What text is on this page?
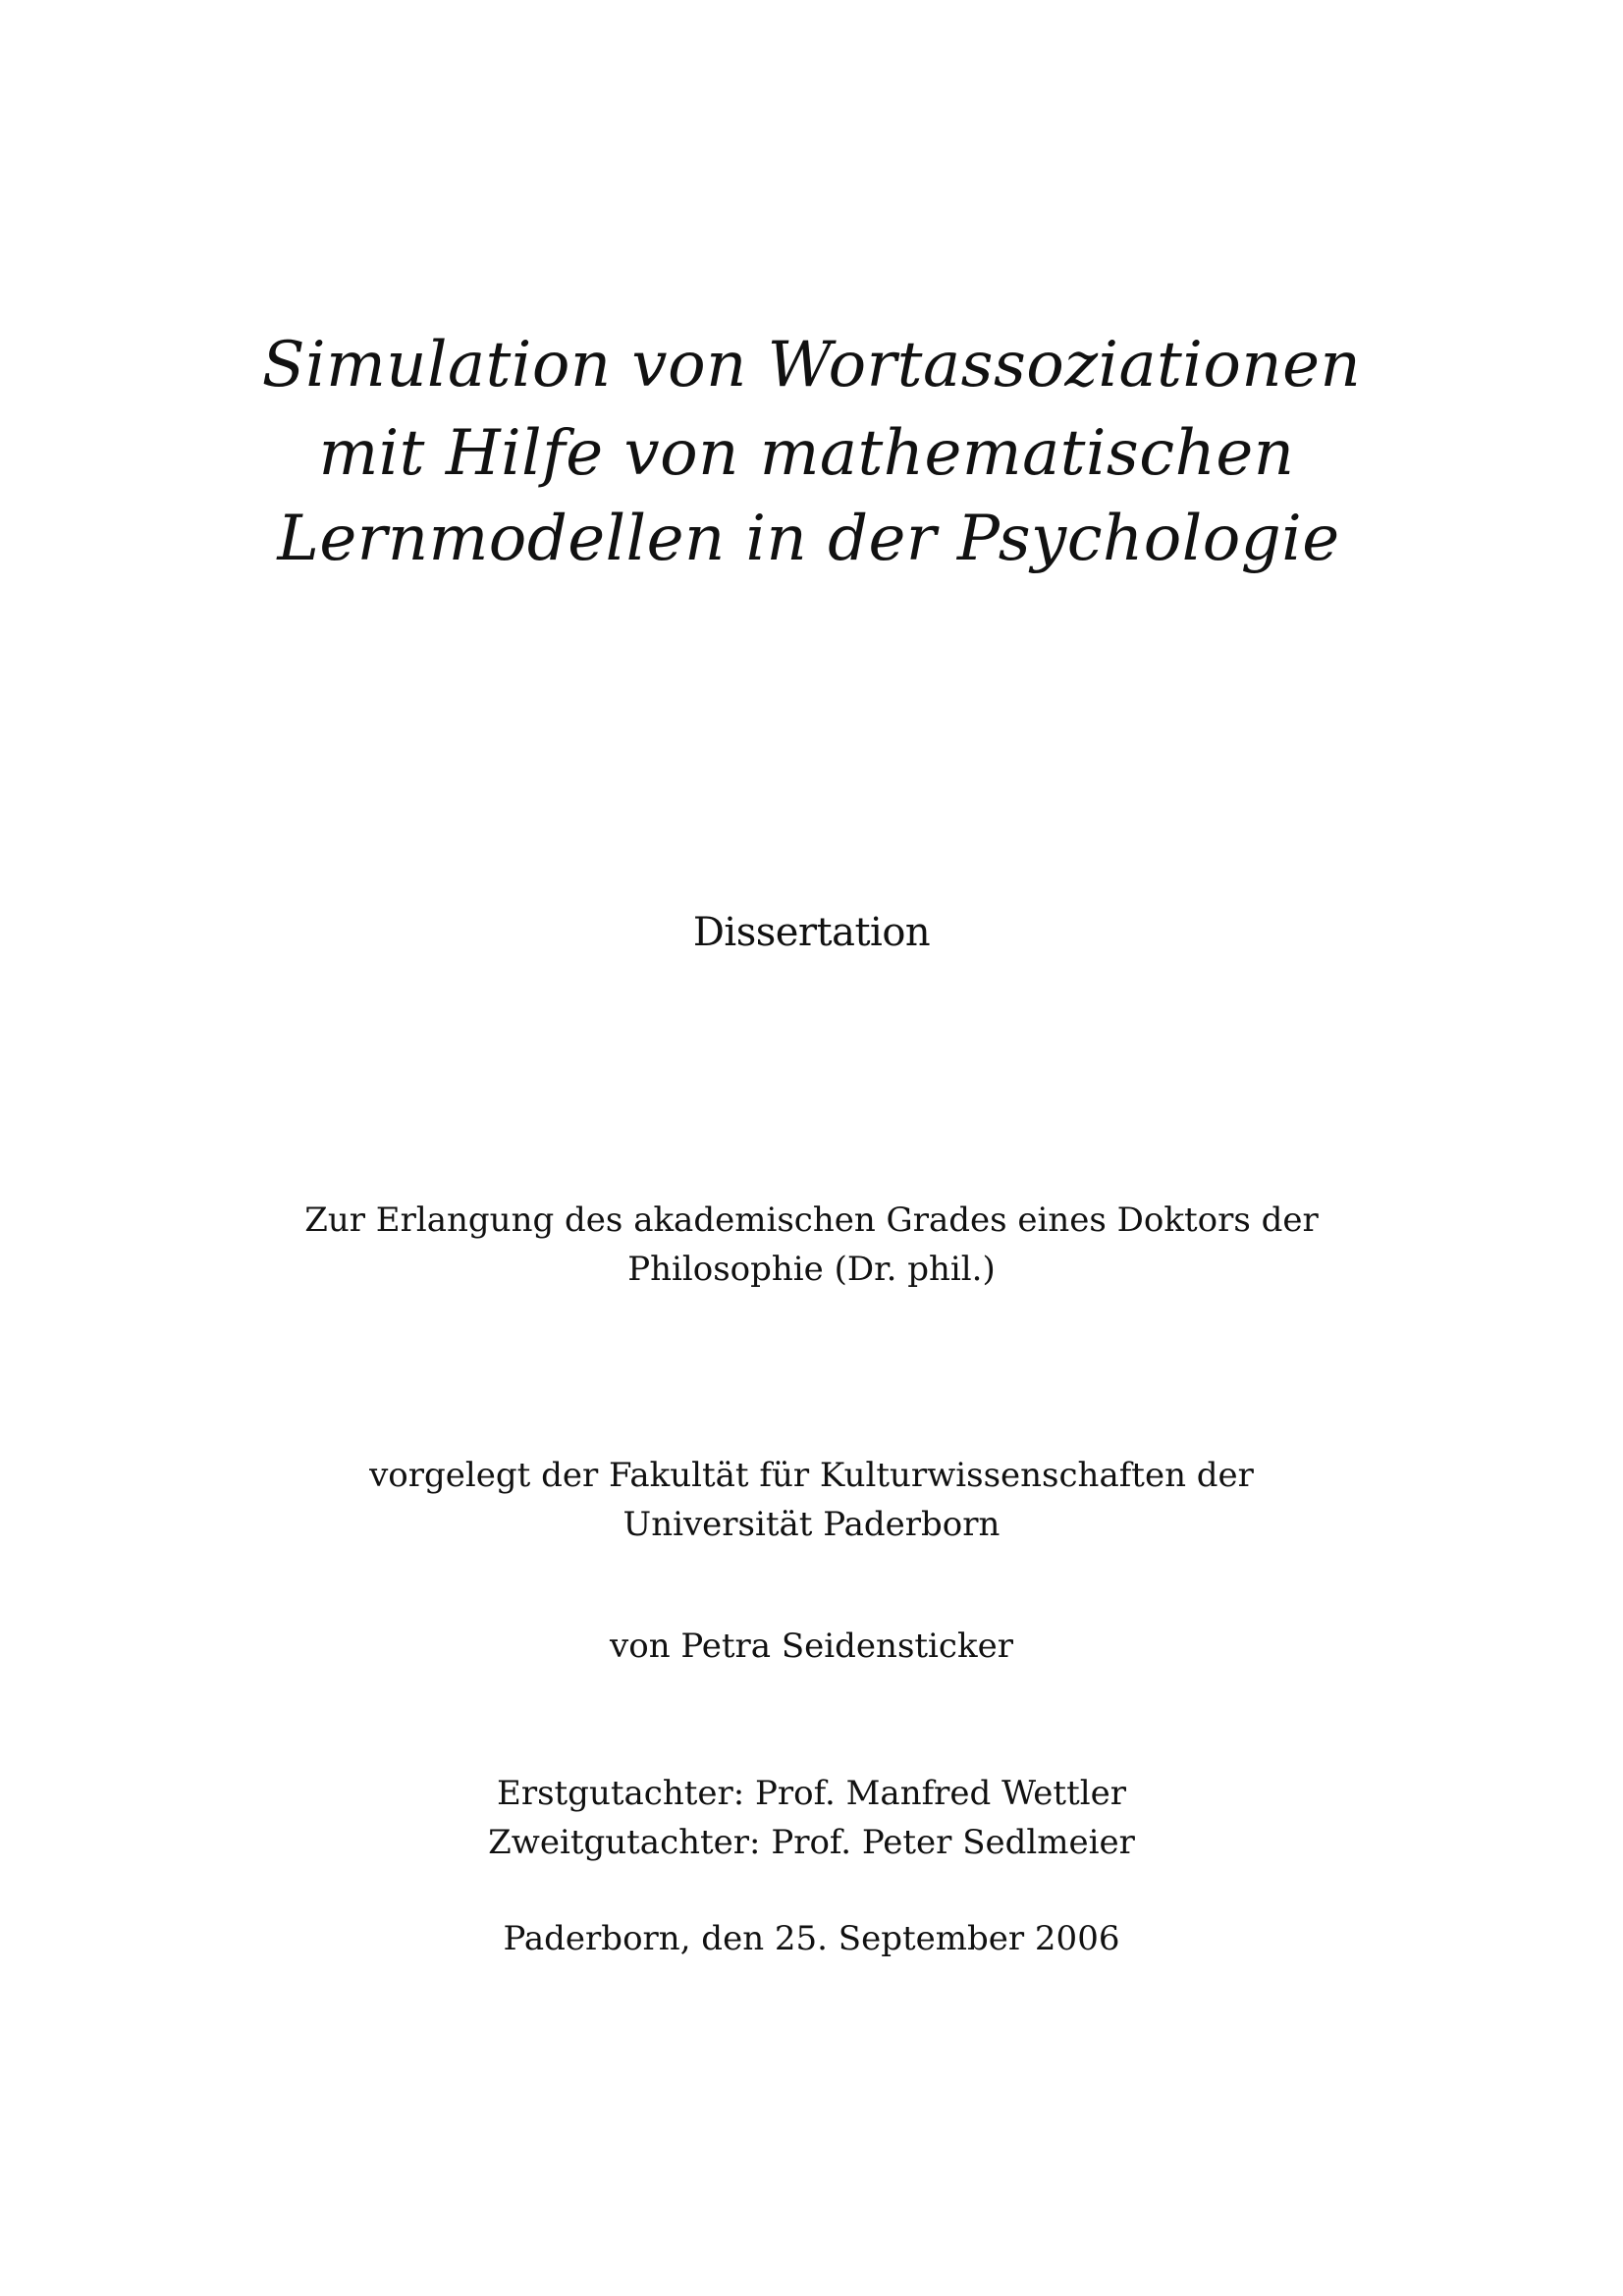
Simulation von Wortassoziationen
mit Hilfe von mathematischen
Lernmodellen in der Psychologie
Dissertation
Zur Erlangung des akademischen Grades eines Doktors der
Philosophie (Dr. phil.)
vorgelegt der Fakultät für Kulturwissenschaften der
Universität Paderborn
von Petra Seidensticker
Erstgutachter: Prof. Manfred Wettler
Zweitgutachter: Prof. Peter Sedlmeier
Paderborn, den 25. September 2006
